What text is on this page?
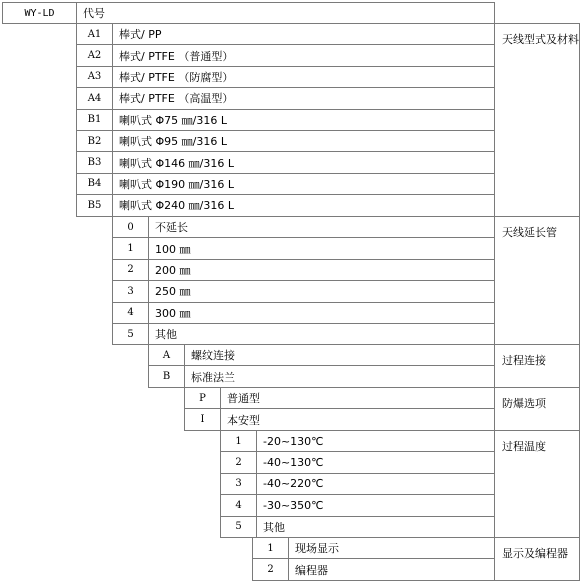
WY-LD	代号
A1 棒式/ PP
A2 棒式/ PTFE （普通型）
A3 棒式/ PTFE （防腐型）
A4 棒式/ PTFE （高温型）
B1 喇叭式 Φ75 ㎜/316 L
B2 喇叭式 Φ95 ㎜/316 L
B3 喇叭式 Φ146 ㎜/316 L
B4 喇叭式 Φ190 ㎜/316 L
B5 喇叭式 Φ240 ㎜/316 L
天线型式及材料
0 不延长
1 100 ㎜
2 200 ㎜
3 250 ㎜
4 300 ㎜
5 其他
天线延长管
A 螺纹连接
B 标准法兰
过程连接
P 普通型
I 本安型
防爆选项
1 -20~130℃
2 -40~130℃
3 -40~220℃
4 -30~350℃
5 其他
过程温度
1 现场显示
2 编程器
显示及编程器
